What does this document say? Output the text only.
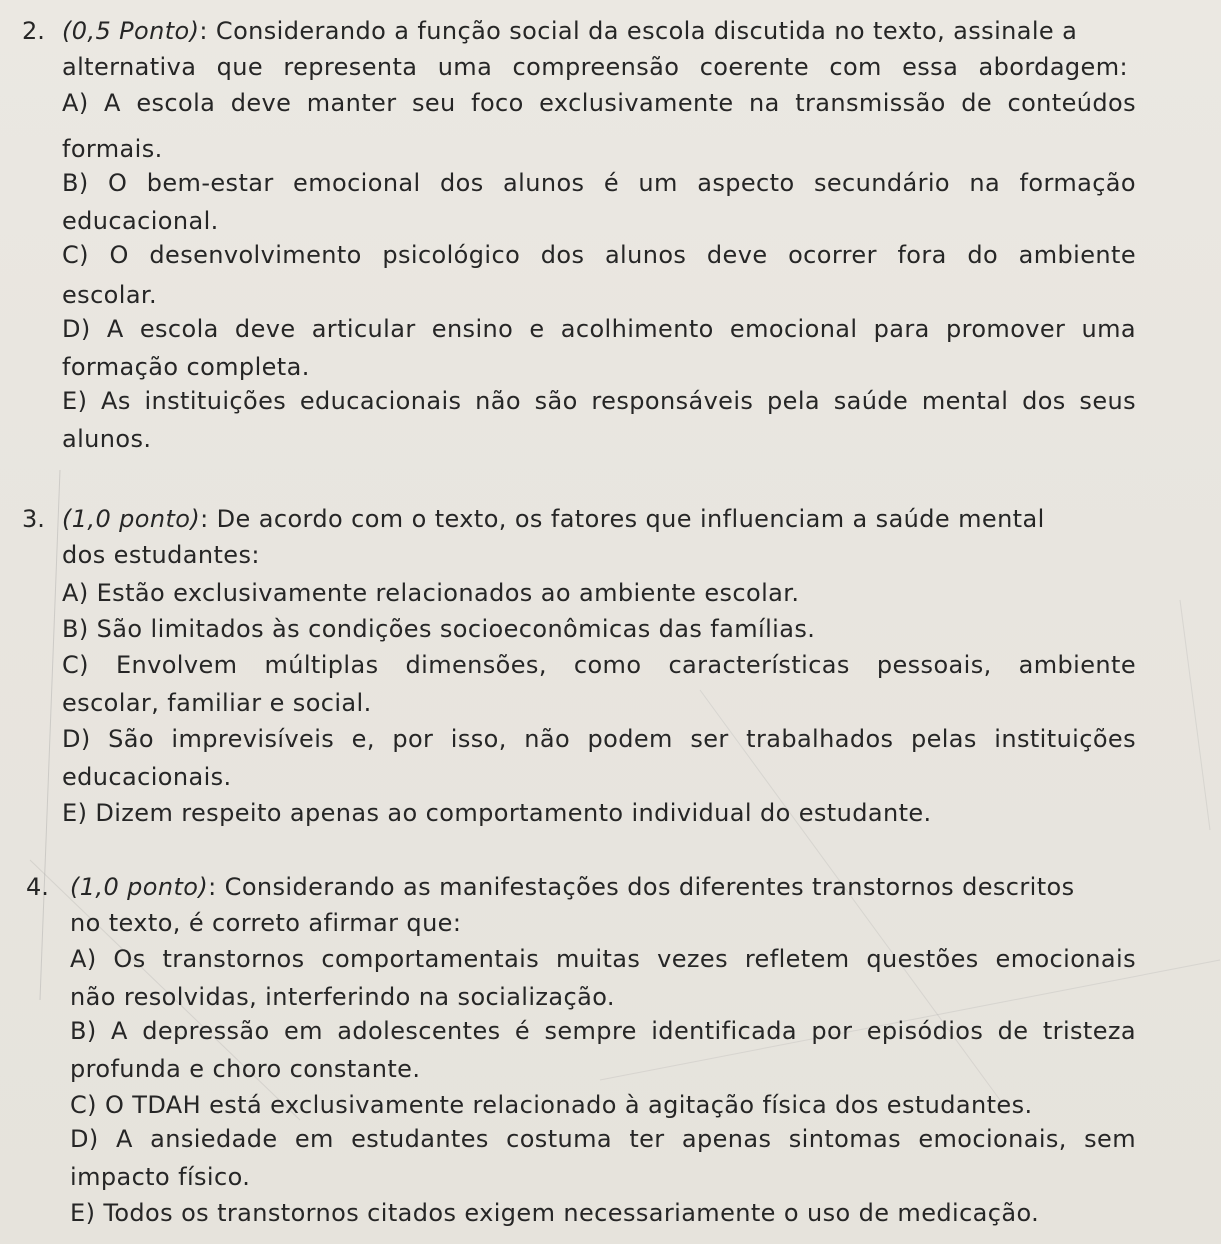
2. (0,5 Ponto): Considerando a função social da escola discutida no texto, assinale a
alternativa que representa uma compreensão coerente com essa abordagem:
A) A escola deve manter seu foco exclusivamente na transmissão de conteúdos
formais.
B) O bem-estar emocional dos alunos é um aspecto secundário na formação
educacional.
C) O desenvolvimento psicológico dos alunos deve ocorrer fora do ambiente
escolar.
D) A escola deve articular ensino e acolhimento emocional para promover uma
formação completa.
E) As instituições educacionais não são responsáveis pela saúde mental dos seus
alunos.
3. (1,0 ponto): De acordo com o texto, os fatores que influenciam a saúde mental
dos estudantes:
A) Estão exclusivamente relacionados ao ambiente escolar.
B) São limitados às condições socioeconômicas das famílias.
C) Envolvem múltiplas dimensões, como características pessoais, ambiente
escolar, familiar e social.
D) São imprevisíveis e, por isso, não podem ser trabalhados pelas instituições
educacionais.
E) Dizem respeito apenas ao comportamento individual do estudante.
4. (1,0 ponto): Considerando as manifestações dos diferentes transtornos descritos
no texto, é correto afirmar que:
A) Os transtornos comportamentais muitas vezes refletem questões emocionais
não resolvidas, interferindo na socialização.
B) A depressão em adolescentes é sempre identificada por episódios de tristeza
profunda e choro constante.
C) O TDAH está exclusivamente relacionado à agitação física dos estudantes.
D) A ansiedade em estudantes costuma ter apenas sintomas emocionais, sem
impacto físico.
E) Todos os transtornos citados exigem necessariamente o uso de medicação.
